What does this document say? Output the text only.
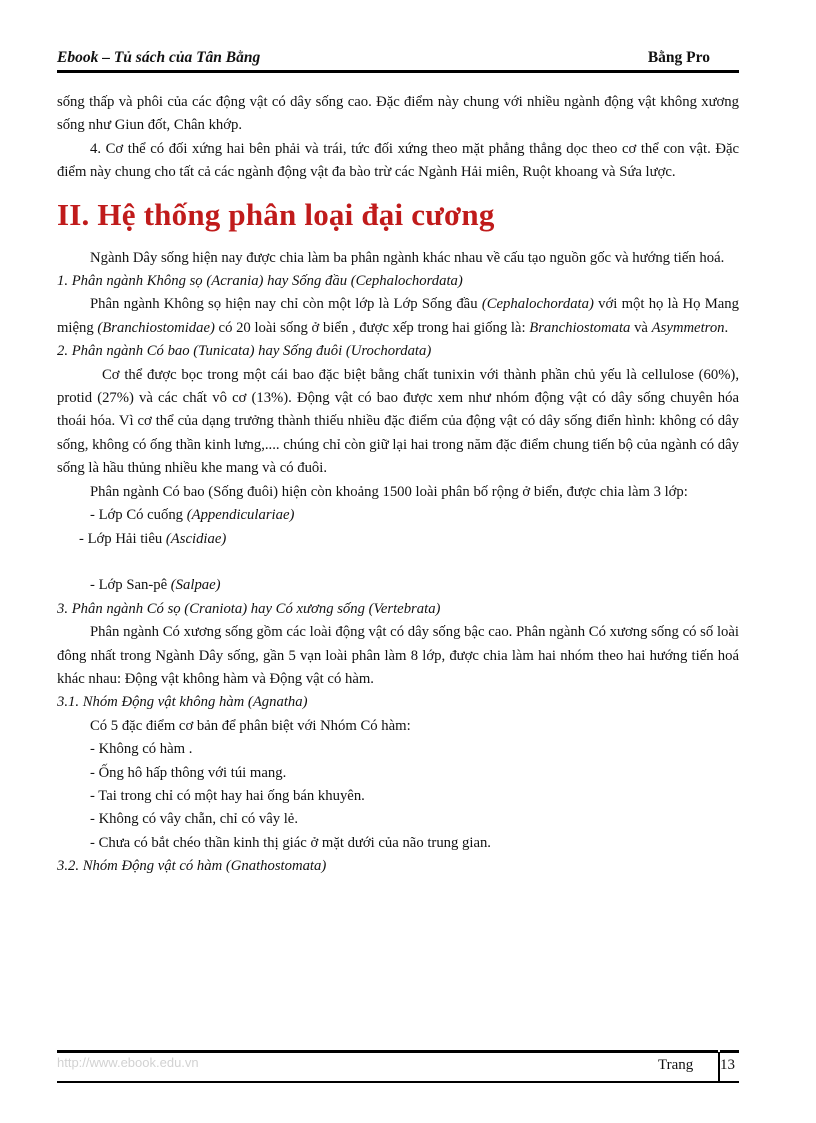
Ebook – Tủ sách của Tân Bằng	Bằng Pro

sống thấp và phôi của các động vật có dây sống cao. Đặc điểm này chung với nhiều ngành động vật không xương sống như Giun đốt, Chân khớp.

4. Cơ thể có đối xứng hai bên phải và trái, tức đối xứng theo mặt phẳng thẳng dọc theo cơ thể con vật. Đặc điểm này chung cho tất cả các ngành động vật đa bào trừ các Ngành Hải miên, Ruột khoang và Sứa lược.

II. Hệ thống phân loại đại cương

Ngành Dây sống hiện nay được chia làm ba phân ngành khác nhau về cấu tạo nguồn gốc và hướng tiến hoá.

1. Phân ngành Không sọ (Acrania) hay Sống đầu (Cephalochordata)

Phân ngành Không sọ hiện nay chỉ còn một lớp là Lớp Sống đầu (Cephalochordata) với một họ là Họ Mang miệng (Branchiostomidae) có 20 loài sống ở biển , được xếp trong hai giống là: Branchiostomata và Asymmetron.

2. Phân ngành Có bao (Tunicata) hay Sống đuôi (Urochordata)

Cơ thể được bọc trong một cái bao đặc biệt bằng chất tunixin với thành phần chủ yếu là cellulose (60%), protid (27%) và các chất vô cơ (13%). Động vật có bao được xem như nhóm động vật có dây sống chuyên hóa thoái hóa. Vì cơ thể của dạng trưởng thành thiếu nhiều đặc điểm của động vật có dây sống điển hình: không có dây sống, không có ống thần kinh lưng,.... chúng chỉ còn giữ lại hai trong năm đặc điểm chung tiến bộ của ngành có dây sống là hầu thủng nhiều khe mang và có đuôi.

Phân ngành Có bao (Sống đuôi) hiện còn khoảng 1500 loài phân bố rộng ở biển, được chia làm 3 lớp:

- Lớp Có cuống (Appendiculariae)

- Lớp Hải tiêu (Ascidiae)

- Lớp San-pê (Salpae)

3. Phân ngành Có sọ (Craniota) hay Có xương sống (Vertebrata)

Phân ngành Có xương sống gồm các loài động vật có dây sống bậc cao. Phân ngành Có xương sống có số loài đông nhất trong Ngành Dây sống, gần 5 vạn loài phân làm 8 lớp, được chia làm hai nhóm theo hai hướng tiến hoá khác nhau: Động vật không hàm và Động vật có hàm.

3.1. Nhóm Động vật không hàm (Agnatha)

Có 5 đặc điểm cơ bản để phân biệt với Nhóm Có hàm:

- Không có hàm .

- Ống hô hấp thông với túi mang.

- Tai trong chỉ có một hay hai ống bán khuyên.

- Không có vây chẵn, chỉ có vây lẻ.

- Chưa có bắt chéo thần kinh thị giác ở mặt dưới của não trung gian.

3.2. Nhóm Động vật có hàm (Gnathostomata)

http://www.ebook.edu.vn	Trang 13
